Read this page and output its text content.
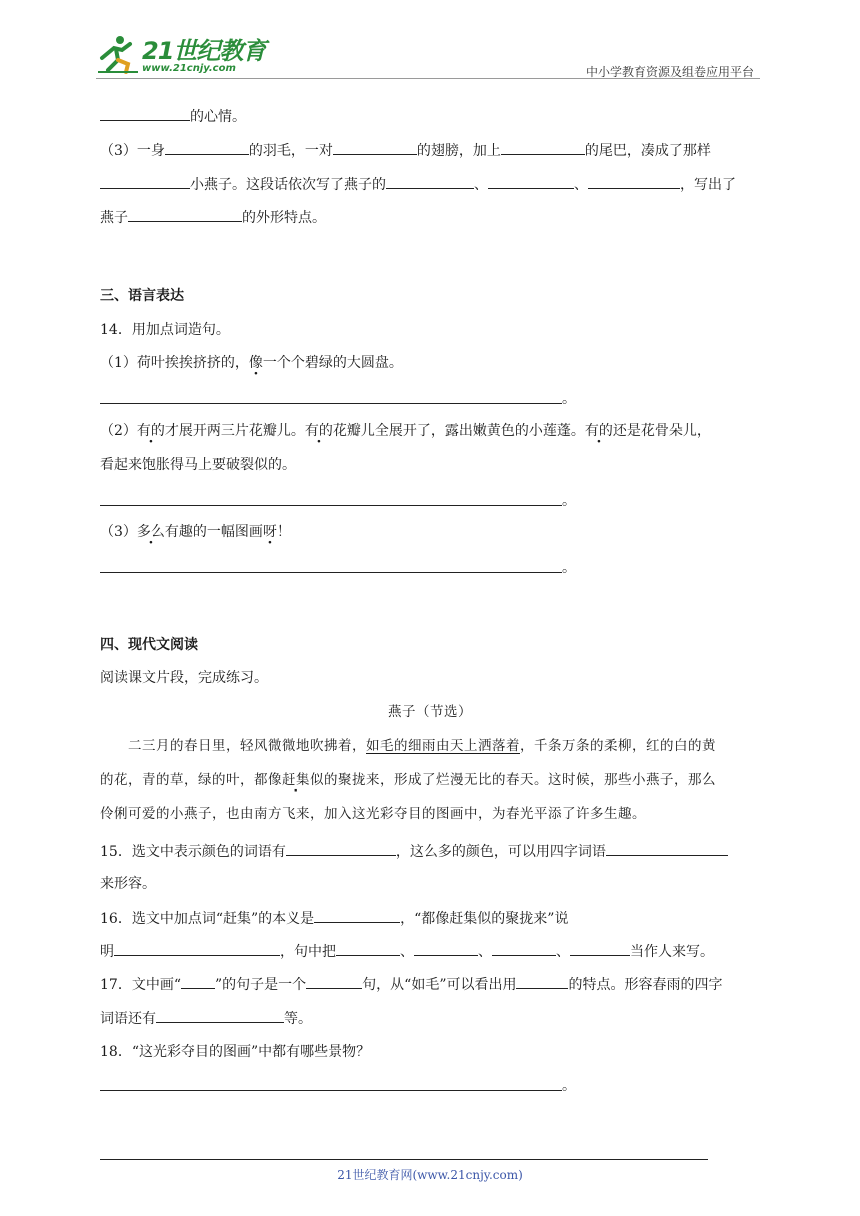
21世纪教育
www.21cnjy.com	中小学教育资源及组卷应用平台
的心情。
（3）一身	的羽毛，一对	的翅膀，加上	的尾巴，凑成了那样
小燕子。这段话依次写了燕子的	、	、	，写出了
燕子	的外形特点。
三、语言表达
14．用加点词造句。
（1）荷叶挨挨挤挤的，像一个个碧绿的大圆盘。
。
（2）有的才展开两三片花瓣儿。有的花瓣儿全展开了，露出嫩黄色的小莲蓬。有的还是花骨朵儿，
看起来饱胀得马上要破裂似的。
。
（3）多么有趣的一幅图画呀！
。
四、现代文阅读
阅读课文片段，完成练习。
燕子（节选）
二三月的春日里，轻风微微地吹拂着，如毛的细雨由天上洒落着，千条万条的柔柳，红的白的黄
的花，青的草，绿的叶，都像赶集似的聚拢来，形成了烂漫无比的春天。这时候，那些小燕子，那么
伶俐可爱的小燕子，也由南方飞来，加入这光彩夺目的图画中，为春光平添了许多生趣。
15．选文中表示颜色的词语有	，这么多的颜色，可以用四字词语
来形容。
16．选文中加点词“赶集”的本义是	，“都像赶集似的聚拢来”说
明	，句中把	、	、	、	当作人来写。
17．文中画“ ”的句子是一个	句，从“如毛”可以看出用	的特点。形容春雨的四字
词语还有	等。
18．“这光彩夺目的图画”中都有哪些景物？
。
21世纪教育网(www.21cnjy.com)
